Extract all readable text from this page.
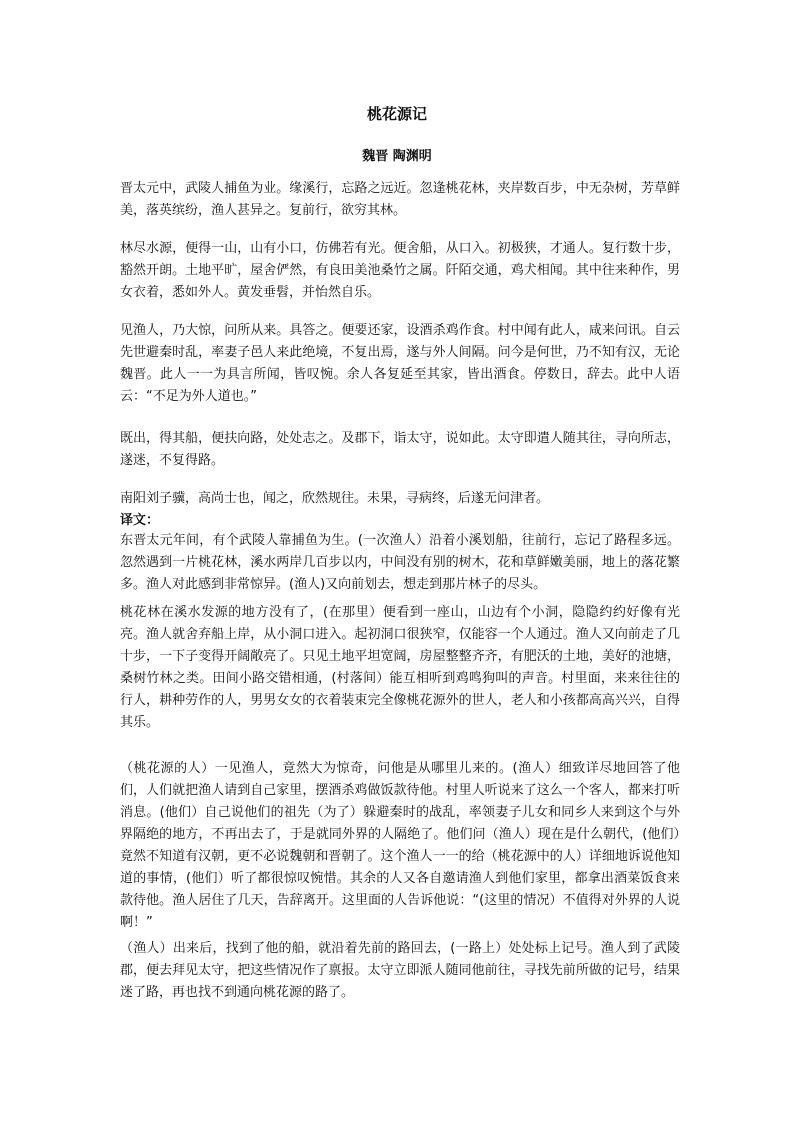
桃花源记
魏晋 陶渊明

晋太元中，武陵人捕鱼为业。缘溪行，忘路之远近。忽逢桃花林，夹岸数百步，中无杂树，芳草鲜美，落英缤纷，渔人甚异之。复前行，欲穷其林。

林尽水源，便得一山，山有小口，仿佛若有光。便舍船，从口入。初极狭，才通人。复行数十步，豁然开朗。土地平旷，屋舍俨然，有良田美池桑竹之属。阡陌交通，鸡犬相闻。其中往来种作，男女衣着，悉如外人。黄发垂髫，并怡然自乐。

见渔人，乃大惊，问所从来。具答之。便要还家，设酒杀鸡作食。村中闻有此人，咸来问讯。自云先世避秦时乱，率妻子邑人来此绝境，不复出焉，遂与外人间隔。问今是何世，乃不知有汉，无论魏晋。此人一一为具言所闻，皆叹惋。余人各复延至其家，皆出酒食。停数日，辞去。此中人语云：“不足为外人道也。”

既出，得其船，便扶向路，处处志之。及郡下，诣太守，说如此。太守即遣人随其往，寻向所志，遂迷，不复得路。

南阳刘子骥，高尚士也，闻之，欣然规往。未果，寻病终，后遂无问津者。

译文：

东晋太元年间，有个武陵人靠捕鱼为生。(一次渔人）沿着小溪划船，往前行，忘记了路程多远。忽然遇到一片桃花林，溪水两岸几百步以内，中间没有别的树木，花和草鲜嫩美丽，地上的落花繁多。渔人对此感到非常惊异。(渔人)又向前划去，想走到那片林子的尽头。

桃花林在溪水发源的地方没有了，(在那里）便看到一座山，山边有个小洞，隐隐约约好像有光亮。渔人就舍弃船上岸，从小洞口进入。起初洞口很狭窄，仅能容一个人通过。渔人又向前走了几十步，一下子变得开阔敞亮了。只见土地平坦宽阔，房屋整整齐齐，有肥沃的土地，美好的池塘，桑树竹林之类。田间小路交错相通，(村落间）能互相听到鸡鸣狗叫的声音。村里面，来来往往的行人，耕种劳作的人，男男女女的衣着装束完全像桃花源外的世人，老人和小孩都高高兴兴，自得其乐。

（桃花源的人）一见渔人，竟然大为惊奇，问他是从哪里儿来的。(渔人）细致详尽地回答了他们，人们就把渔人请到自己家里，摆酒杀鸡做饭款待他。村里人听说来了这么一个客人，都来打听消息。(他们）自己说他们的祖先（为了）躲避秦时的战乱，率领妻子儿女和同乡人来到这个与外界隔绝的地方，不再出去了，于是就同外界的人隔绝了。他们问（渔人）现在是什么朝代，(他们）竟然不知道有汉朝，更不必说魏朝和晋朝了。这个渔人一一的给（桃花源中的人）详细地诉说他知道的事情，(他们）听了都很惊叹惋惜。其余的人又各自邀请渔人到他们家里，都拿出酒菜饭食来款待他。渔人居住了几天，告辞离开。这里面的人告诉他说：“(这里的情况）不值得对外界的人说啊！”

（渔人）出来后，找到了他的船，就沿着先前的路回去，(一路上）处处标上记号。渔人到了武陵郡，便去拜见太守，把这些情况作了禀报。太守立即派人随同他前往，寻找先前所做的记号，结果迷了路，再也找不到通向桃花源的路了。
